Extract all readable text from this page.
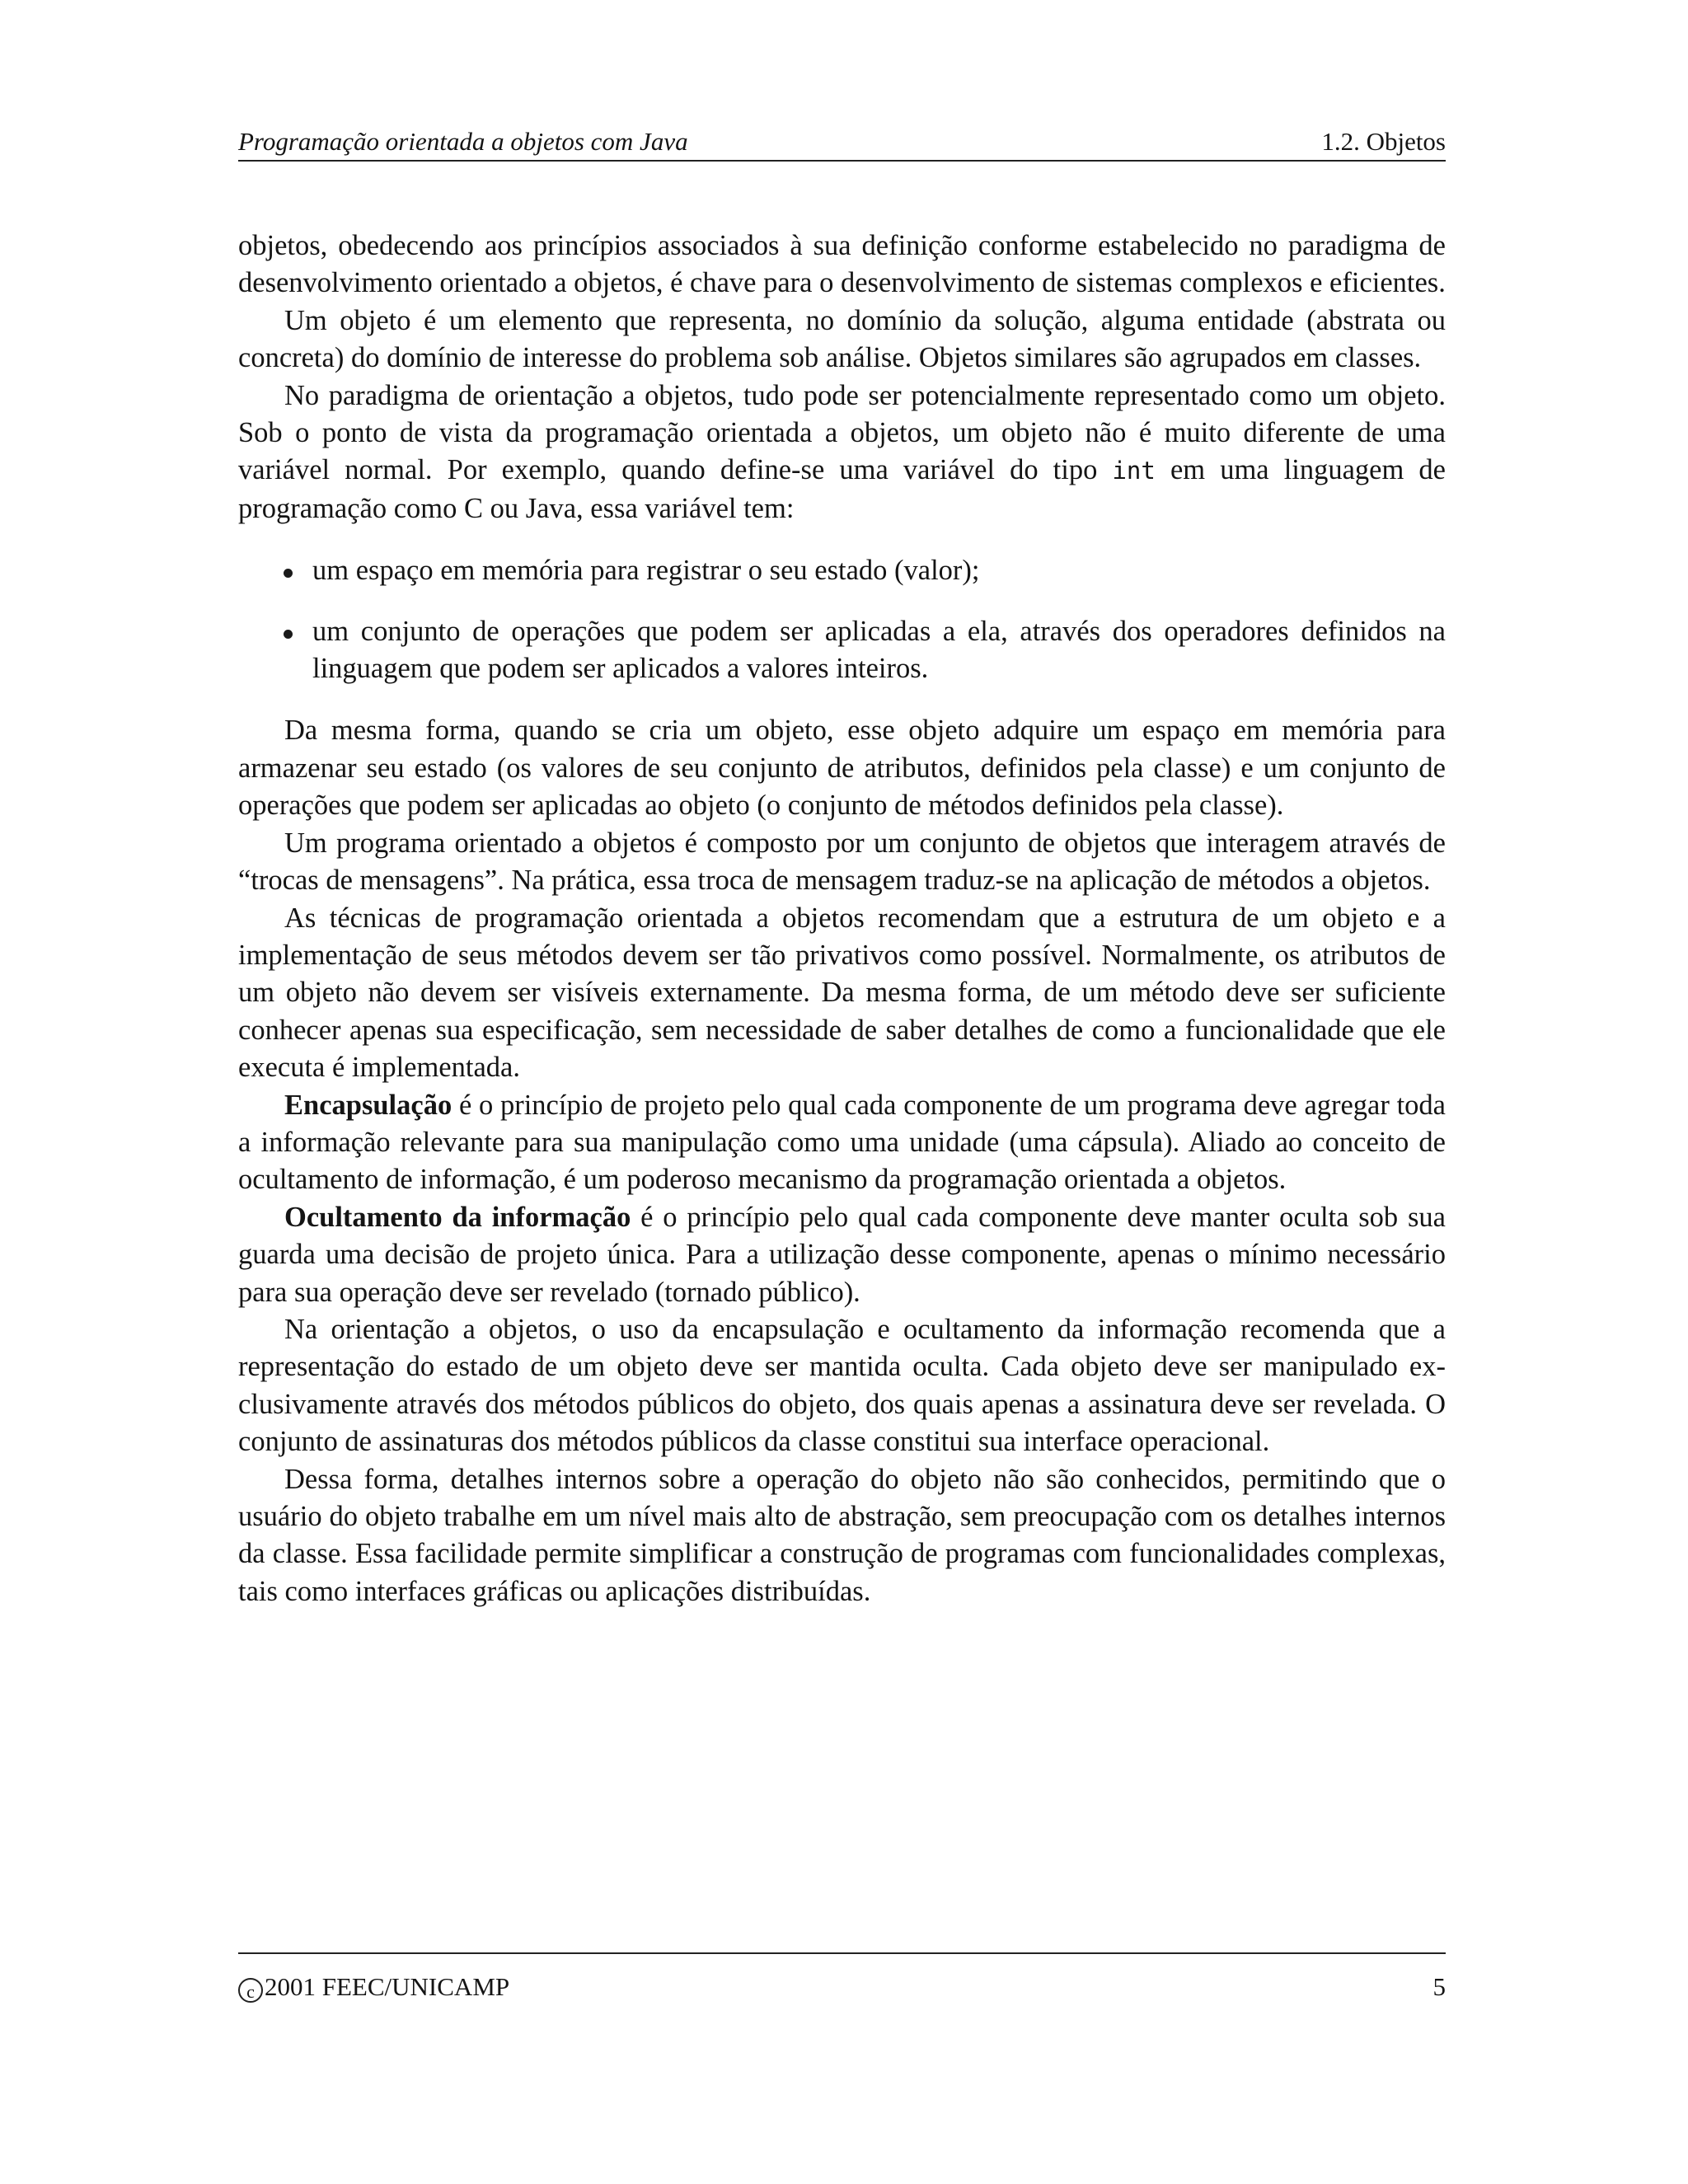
Programação orientada a objetos com Java	1.2. Objetos

objetos, obedecendo aos princípios associados à sua definição conforme estabelecido no paradigma de desenvolvimento orientado a objetos, é chave para o desenvolvimento de sistemas complexos e eficientes.

Um objeto é um elemento que representa, no domínio da solução, alguma entidade (abstrata ou concreta) do domínio de interesse do problema sob análise. Objetos similares são agrupados em classes.

No paradigma de orientação a objetos, tudo pode ser potencialmente representado como um objeto. Sob o ponto de vista da programação orientada a objetos, um objeto não é muito diferente de uma variável normal. Por exemplo, quando define-se uma variável do tipo int em uma linguagem de programação como C ou Java, essa variável tem:

um espaço em memória para registrar o seu estado (valor);
um conjunto de operações que podem ser aplicadas a ela, através dos operadores definidos na linguagem que podem ser aplicados a valores inteiros.

Da mesma forma, quando se cria um objeto, esse objeto adquire um espaço em memória para armazenar seu estado (os valores de seu conjunto de atributos, definidos pela classe) e um conjunto de operações que podem ser aplicadas ao objeto (o conjunto de métodos definidos pela classe).

Um programa orientado a objetos é composto por um conjunto de objetos que interagem através de “trocas de mensagens”. Na prática, essa troca de mensagem traduz-se na aplicação de métodos a objetos.

As técnicas de programação orientada a objetos recomendam que a estrutura de um objeto e a implementação de seus métodos devem ser tão privativos como possível. Normalmente, os atributos de um objeto não devem ser visíveis externamente. Da mesma forma, de um método deve ser suficiente conhecer apenas sua especificação, sem necessidade de saber detalhes de como a funcionalidade que ele executa é implementada.

Encapsulação é o princípio de projeto pelo qual cada componente de um programa deve agregar toda a informação relevante para sua manipulação como uma unidade (uma cápsula). Aliado ao conceito de ocultamento de informação, é um poderoso mecanismo da programação orientada a objetos.

Ocultamento da informação é o princípio pelo qual cada componente deve manter oculta sob sua guarda uma decisão de projeto única. Para a utilização desse componente, apenas o mínimo necessário para sua operação deve ser revelado (tornado público).

Na orientação a objetos, o uso da encapsulação e ocultamento da informação recomenda que a representação do estado de um objeto deve ser mantida oculta. Cada objeto deve ser manipulado exclusivamente através dos métodos públicos do objeto, dos quais apenas a assinatura deve ser revelada. O conjunto de assinaturas dos métodos públicos da classe constitui sua interface operacional.

Dessa forma, detalhes internos sobre a operação do objeto não são conhecidos, permitindo que o usuário do objeto trabalhe em um nível mais alto de abstração, sem preocupação com os detalhes internos da classe. Essa facilidade permite simplificar a construção de programas com funcionalidades complexas, tais como interfaces gráficas ou aplicações distribuídas.

c 2001 FEEC/UNICAMP	5
